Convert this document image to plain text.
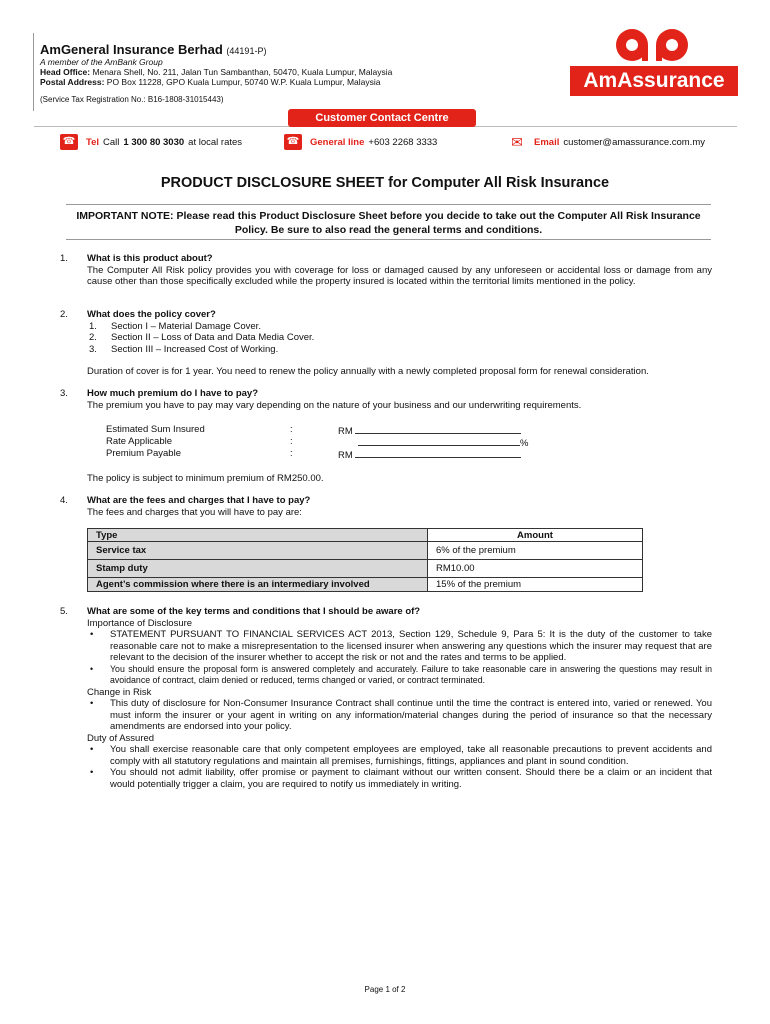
AmGeneral Insurance Berhad (44191-P)
A member of the AmBank Group
Head Office: Menara Shell, No. 211, Jalan Tun Sambanthan, 50470, Kuala Lumpur, Malaysia
Postal Address: PO Box 11228, GPO Kuala Lumpur, 50740 W.P. Kuala Lumpur, Malaysia
(Service Tax Registration No.: B16-1808-31015443)
AmAssurance
Customer Contact Centre
☎ Tel Call 1 300 80 3030 at local rates	☎ General line +603 2268 3333	✉	Email customer@amassurance.com.my
PRODUCT DISCLOSURE SHEET for Computer All Risk Insurance
IMPORTANT NOTE: Please read this Product Disclosure Sheet before you decide to take out the Computer All Risk Insurance Policy. Be sure to also read the general terms and conditions.
1. What is this product about?
The Computer All Risk policy provides you with coverage for loss or damaged caused by any unforeseen or accidental loss or damage from any cause other than those specifically excluded while the property insured is located within the territorial limits mentioned in the policy.
2. What does the policy cover?
1.	Section I – Material Damage Cover.
2.	Section II – Loss of Data and Data Media Cover.
3.	Section III – Increased Cost of Working.
Duration of cover is for 1 year. You need to renew the policy annually with a newly completed proposal form for renewal consideration.
3. How much premium do I have to pay?
The premium you have to pay may vary depending on the nature of your business and our underwriting requirements.
Estimated Sum Insured	:	RM
Rate Applicable	:	%
Premium Payable	:	RM
The policy is subject to minimum premium of RM250.00.
4. What are the fees and charges that I have to pay?
The fees and charges that you will have to pay are:
Type	Amount
Service tax	6% of the premium
Stamp duty	RM10.00
Agent’s commission where there is an intermediary involved	15% of the premium
5. What are some of the key terms and conditions that I should be aware of?
Importance of Disclosure
• STATEMENT PURSUANT TO FINANCIAL SERVICES ACT 2013, Section 129, Schedule 9, Para 5: It is the duty of the customer to take reasonable care not to make a misrepresentation to the licensed insurer when answering any questions which the insurer may request that are relevant to the decision of the insurer whether to accept the risk or not and the rates and terms to be applied.
• You should ensure the proposal form is answered completely and accurately. Failure to take reasonable care in answering the questions may result in avoidance of contract, claim denied or reduced, terms changed or varied, or contract terminated.
Change in Risk
• This duty of disclosure for Non-Consumer Insurance Contract shall continue until the time the contract is entered into, varied or renewed. You must inform the insurer or your agent in writing on any information/material changes during the period of insurance so that the necessary amendments are endorsed into your policy.
Duty of Assured
• You shall exercise reasonable care that only competent employees are employed, take all reasonable precautions to prevent accidents and comply with all statutory regulations and maintain all premises, furnishings, fittings, appliances and plant in sound condition.
• You should not admit liability, offer promise or payment to claimant without our written consent. Should there be a claim or an incident that would potentially trigger a claim, you are required to notify us immediately in writing.
Page 1 of 2
